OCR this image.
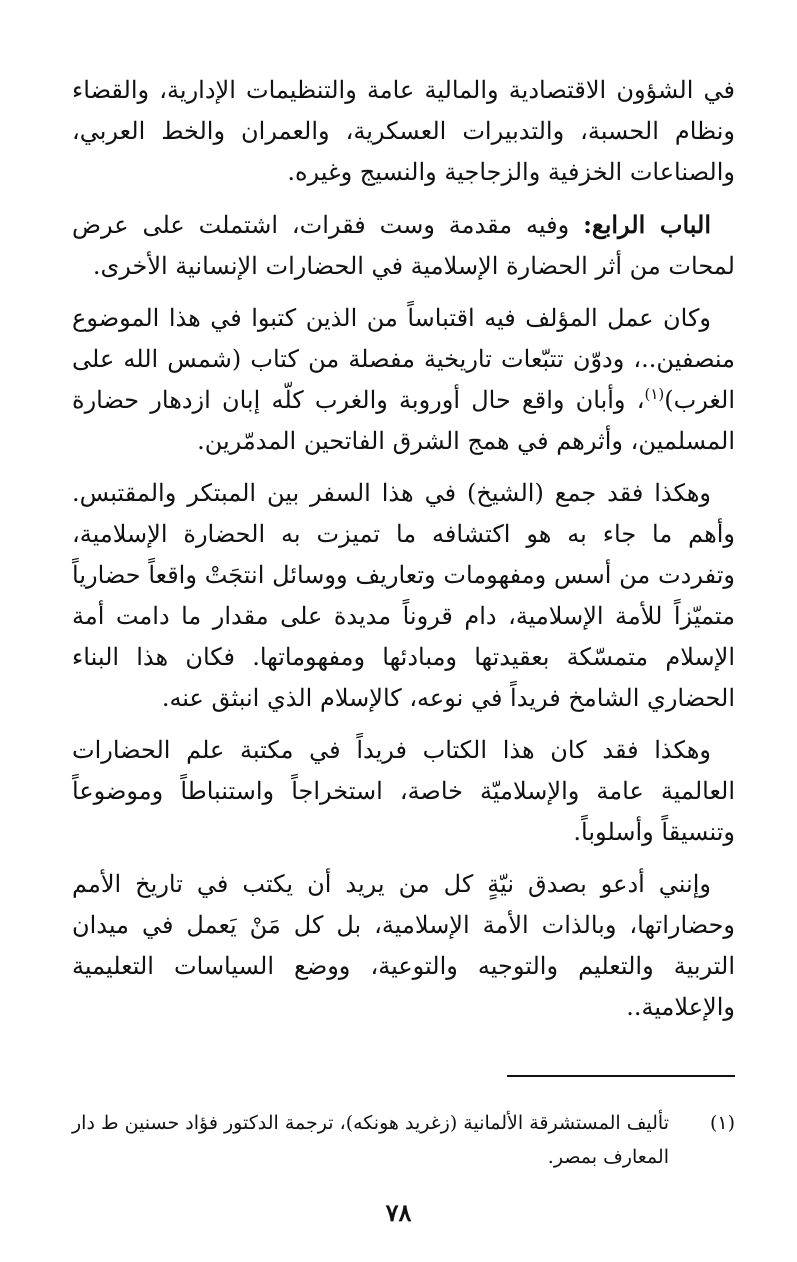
في الشؤون الاقتصادية والمالية عامة والتنظيمات الإدارية، والقضاء ونظام الحسبة، والتدبيرات العسكرية، والعمران والخط العربي، والصناعات الخزفية والزجاجية والنسيج وغيره.

الباب الرابع: وفيه مقدمة وست فقرات، اشتملت على عرض لمحات من أثر الحضارة الإسلامية في الحضارات الإنسانية الأخرى.

وكان عمل المؤلف فيه اقتباساً من الذين كتبوا في هذا الموضوع منصفين..، ودوّن تتبّعات تاريخية مفصلة من كتاب (شمس الله على الغرب)$^{(١)}$، وأبان واقع حال أوروبة والغرب كلّه إبان ازدهار حضارة المسلمين، وأثرهم في همج الشرق الفاتحين المدمّرين.

وهكذا فقد جمع (الشيخ) في هذا السفر بين المبتكر والمقتبس. وأهم ما جاء به هو اكتشافه ما تميزت به الحضارة الإسلامية، وتفردت من أسس ومفهومات وتعاريف ووسائل انتجَتْ واقعاً حضارياً متميّزاً للأمة الإسلامية، دام قروناً مديدة على مقدار ما دامت أمة الإسلام متمسّكة بعقيدتها ومبادئها ومفهوماتها. فكان هذا البناء الحضاري الشامخ فريداً في نوعه، كالإسلام الذي انبثق عنه.

وهكذا فقد كان هذا الكتاب فريداً في مكتبة علم الحضارات العالمية عامة والإسلاميّة خاصة، استخراجاً واستنباطاً وموضوعاً وتنسيقاً وأسلوباً.

وإنني أدعو بصدق نيّةٍ كل من يريد أن يكتب في تاريخ الأمم وحضاراتها، وبالذات الأمة الإسلامية، بل كل مَنْ يَعمل في ميدان التربية والتعليم والتوجيه والتوعية، ووضع السياسات التعليمية والإعلامية..

(١)
تأليف المستشرقة الألمانية (زغريد هونكه)، ترجمة الدكتور فؤاد حسنين ط دار المعارف بمصر.
٧٨
